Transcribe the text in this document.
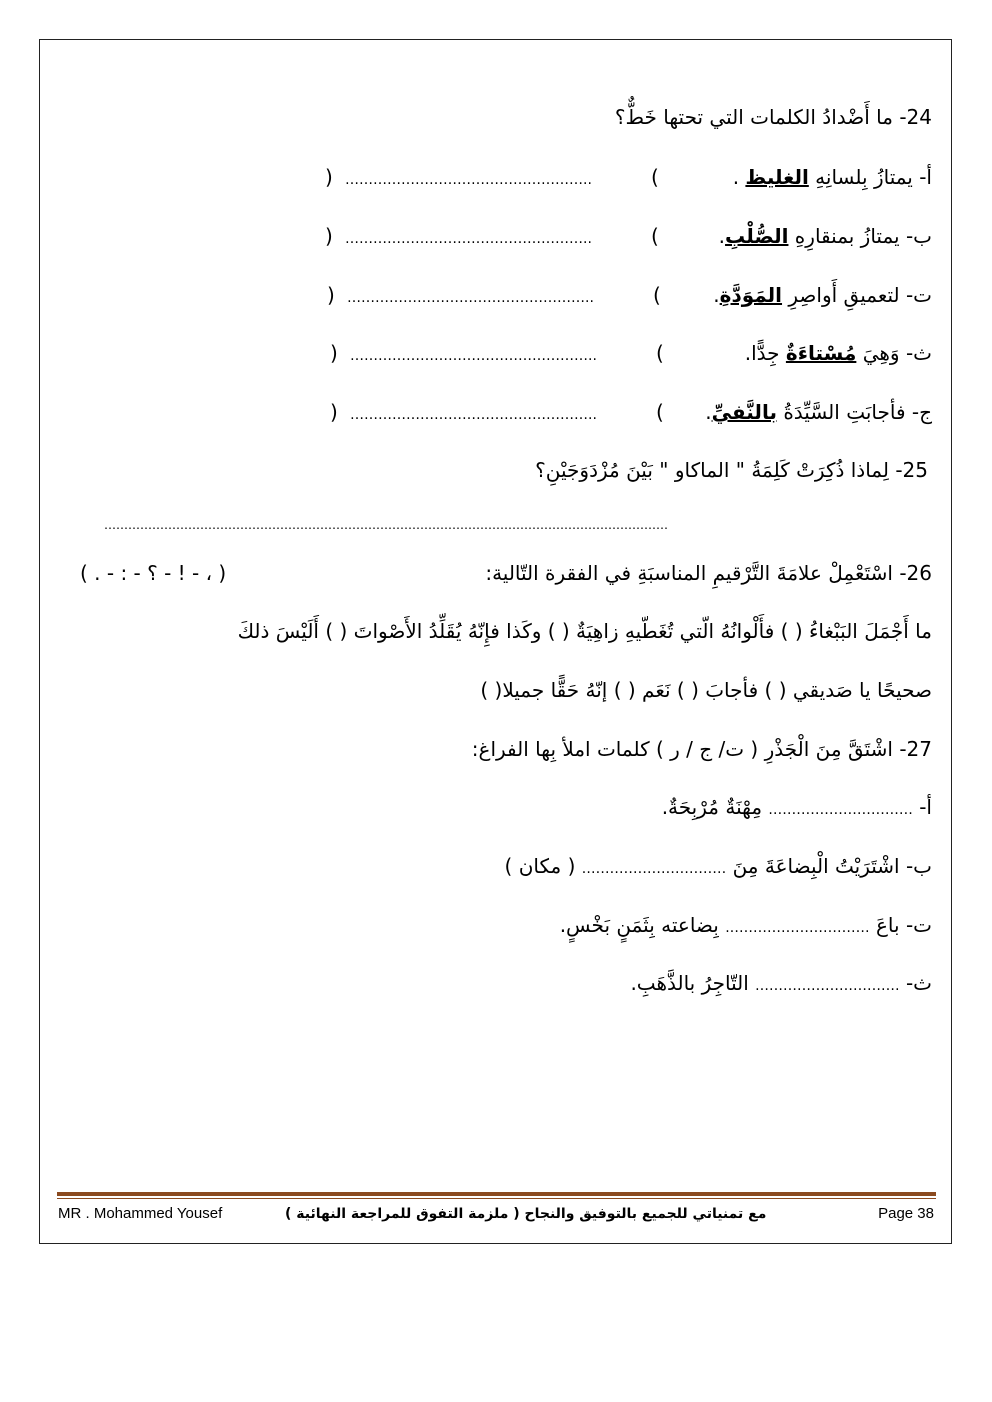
24- ما أَضْدادُ الكلمات التي تحتها خَطٌّ؟
أ- يمتازُ بِلسانِهِ الغليظ .
(
……………………………………………..
)
ب- يمتازُ بمنقارِهِ الصُّلْبِ.
(
……………………………………………..
)
ت- لتعميقِ أَواصِرِ المَوَدَّةِ.
(
……………………………………………..
)
ث- وَهِيَ مُسْتاءَةٌ جِدًّا.
(
……………………………………………..
)
ج- فأجابَتِ السَّيِّدَةُ بالنَّفيِّ.
(
……………………………………………..
)
25- لِماذا ذُكِرَتْ كَلِمَةُ " الماكاو " بَيْنَ مُزْدَوَجَيْنِ؟
……………………………………………………………………………………………………………………………
26- اسْتَعْمِلْ علامَةَ التَّرْقيمِ المناسبَةِ في الفقرة التّالية:
( ، - ! - ؟ - : - . )
ما أَجْمَلَ البَبْغاءُ ( ) فأَلْوانُهُ الّتي تُغَطّيهِ زاهِيَةٌ ( ) وكَذا فإِنّهُ يُقَلِّدُ الأَصْواتَ ( ) أَلَيْسَ ذلكَ
صحيحًا يا صَديقي ( ) فأجابَ ( ) نَعَم ( ) إنّهُ حَقًّا جميلا( )
27- اشْتَقَّ مِنَ الْجَذْرِ ( ت/ ج / ر ) كلمات املأ بِها الفراغ:
أ- …………………………. مِهْنَةٌ مُرْبِحَةٌ.
ب- اشْتَرَيْتُ الْبِضاعَةَ مِنَ …………………………. ( مكان )
ت- باعَ …………………………. بِضاعته بِثَمَنٍ بَخْسٍ.
ث- …………………………. التّاجِرُ بالذَّهَبِ.
MR . Mohammed Yousef	مع تمنياتي للجميع بالتوفيق والنجاح ( ملزمة التفوق للمراجعة النهائية )	Page 38
